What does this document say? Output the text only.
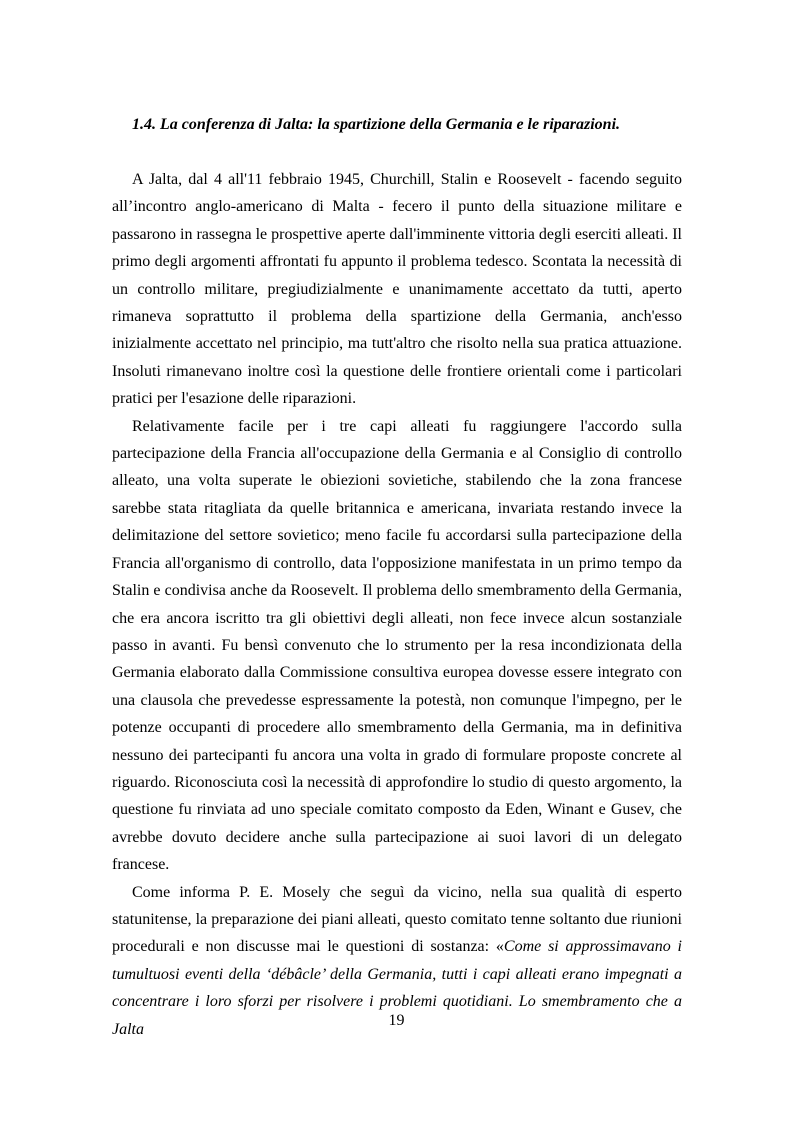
1.4. La conferenza di Jalta: la spartizione della Germania e le riparazioni.

A Jalta, dal 4 all'11 febbraio 1945, Churchill, Stalin e Roosevelt - facendo seguito all’incontro anglo-americano di Malta - fecero il punto della situazione militare e passarono in rassegna le prospettive aperte dall'imminente vittoria degli eserciti alleati. Il primo degli argomenti affrontati fu appunto il problema tedesco. Scontata la necessità di un controllo militare, pregiudizialmente e unanimamente accettato da tutti, aperto rimaneva soprattutto il problema della spartizione della Germania, anch'esso inizialmente accettato nel principio, ma tutt'altro che risolto nella sua pratica attuazione. Insoluti rimanevano inoltre così la questione delle frontiere orientali come i particolari pratici per l'esazione delle riparazioni.

Relativamente facile per i tre capi alleati fu raggiungere l'accordo sulla partecipazione della Francia all'occupazione della Germania e al Consiglio di controllo alleato, una volta superate le obiezioni sovietiche, stabilendo che la zona francese sarebbe stata ritagliata da quelle britannica e americana, invariata restando invece la delimitazione del settore sovietico; meno facile fu accordarsi sulla partecipazione della Francia all'organismo di controllo, data l'opposizione manifestata in un primo tempo da Stalin e condivisa anche da Roosevelt. Il problema dello smembramento della Germania, che era ancora iscritto tra gli obiettivi degli alleati, non fece invece alcun sostanziale passo in avanti. Fu bensì convenuto che lo strumento per la resa incondizionata della Germania elaborato dalla Commissione consultiva europea dovesse essere integrato con una clausola che prevedesse espressamente la potestà, non comunque l'impegno, per le potenze occupanti di procedere allo smembramento della Germania, ma in definitiva nessuno dei partecipanti fu ancora una volta in grado di formulare proposte concrete al riguardo. Riconosciuta così la necessità di approfondire lo studio di questo argomento, la questione fu rinviata ad uno speciale comitato composto da Eden, Winant e Gusev, che avrebbe dovuto decidere anche sulla partecipazione ai suoi lavori di un delegato francese.

Come informa P. E. Mosely che seguì da vicino, nella sua qualità di esperto statunitense, la preparazione dei piani alleati, questo comitato tenne soltanto due riunioni procedurali e non discusse mai le questioni di sostanza: «Come si approssimavano i tumultuosi eventi della ‘débâcle’ della Germania, tutti i capi alleati erano impegnati a concentrare i loro sforzi per risolvere i problemi quotidiani. Lo smembramento che a Jalta

19
